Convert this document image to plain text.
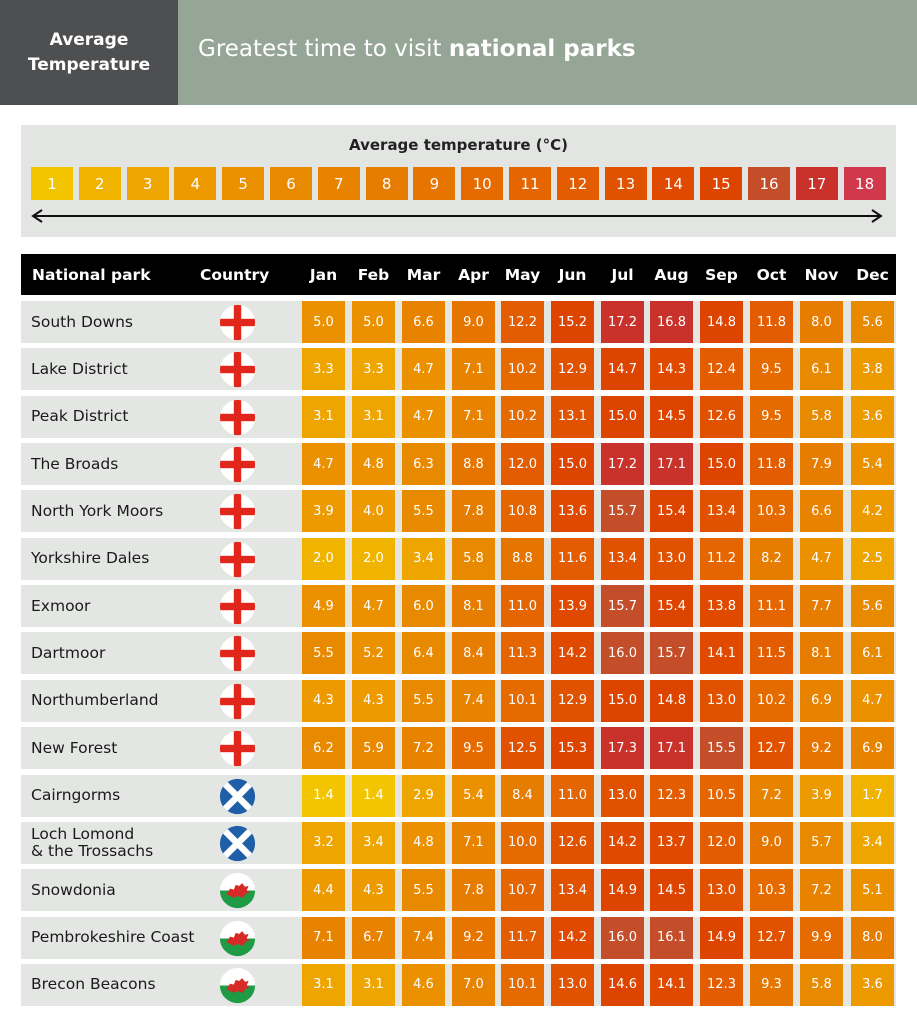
Average
Temperature
Greatest time to visit national parks
Average temperature (°C)
1	2	3	4	5	6	7	8	9	10	11	12	13	14	15	16	17	18
National park	Country	Jan	Feb	Mar	Apr	May	Jun	Jul	Aug	Sep	Oct	Nov	Dec
South Downs	5.0	5.0	6.6	9.0	12.2	15.2	17.2	16.8	14.8	11.8	8.0	5.6
Lake District	3.3	3.3	4.7	7.1	10.2	12.9	14.7	14.3	12.4	9.5	6.1	3.8
Peak District	3.1	3.1	4.7	7.1	10.2	13.1	15.0	14.5	12.6	9.5	5.8	3.6
The Broads	4.7	4.8	6.3	8.8	12.0	15.0	17.2	17.1	15.0	11.8	7.9	5.4
North York Moors	3.9	4.0	5.5	7.8	10.8	13.6	15.7	15.4	13.4	10.3	6.6	4.2
Yorkshire Dales	2.0	2.0	3.4	5.8	8.8	11.6	13.4	13.0	11.2	8.2	4.7	2.5
Exmoor	4.9	4.7	6.0	8.1	11.0	13.9	15.7	15.4	13.8	11.1	7.7	5.6
Dartmoor	5.5	5.2	6.4	8.4	11.3	14.2	16.0	15.7	14.1	11.5	8.1	6.1
Northumberland	4.3	4.3	5.5	7.4	10.1	12.9	15.0	14.8	13.0	10.2	6.9	4.7
New Forest	6.2	5.9	7.2	9.5	12.5	15.3	17.3	17.1	15.5	12.7	9.2	6.9
Cairngorms	1.4	1.4	2.9	5.4	8.4	11.0	13.0	12.3	10.5	7.2	3.9	1.7
Loch Lomond
& the Trossachs	3.2	3.4	4.8	7.1	10.0	12.6	14.2	13.7	12.0	9.0	5.7	3.4
Snowdonia	4.4	4.3	5.5	7.8	10.7	13.4	14.9	14.5	13.0	10.3	7.2	5.1
Pembrokeshire Coast	7.1	6.7	7.4	9.2	11.7	14.2	16.0	16.1	14.9	12.7	9.9	8.0
Brecon Beacons	3.1	3.1	4.6	7.0	10.1	13.0	14.6	14.1	12.3	9.3	5.8	3.6
